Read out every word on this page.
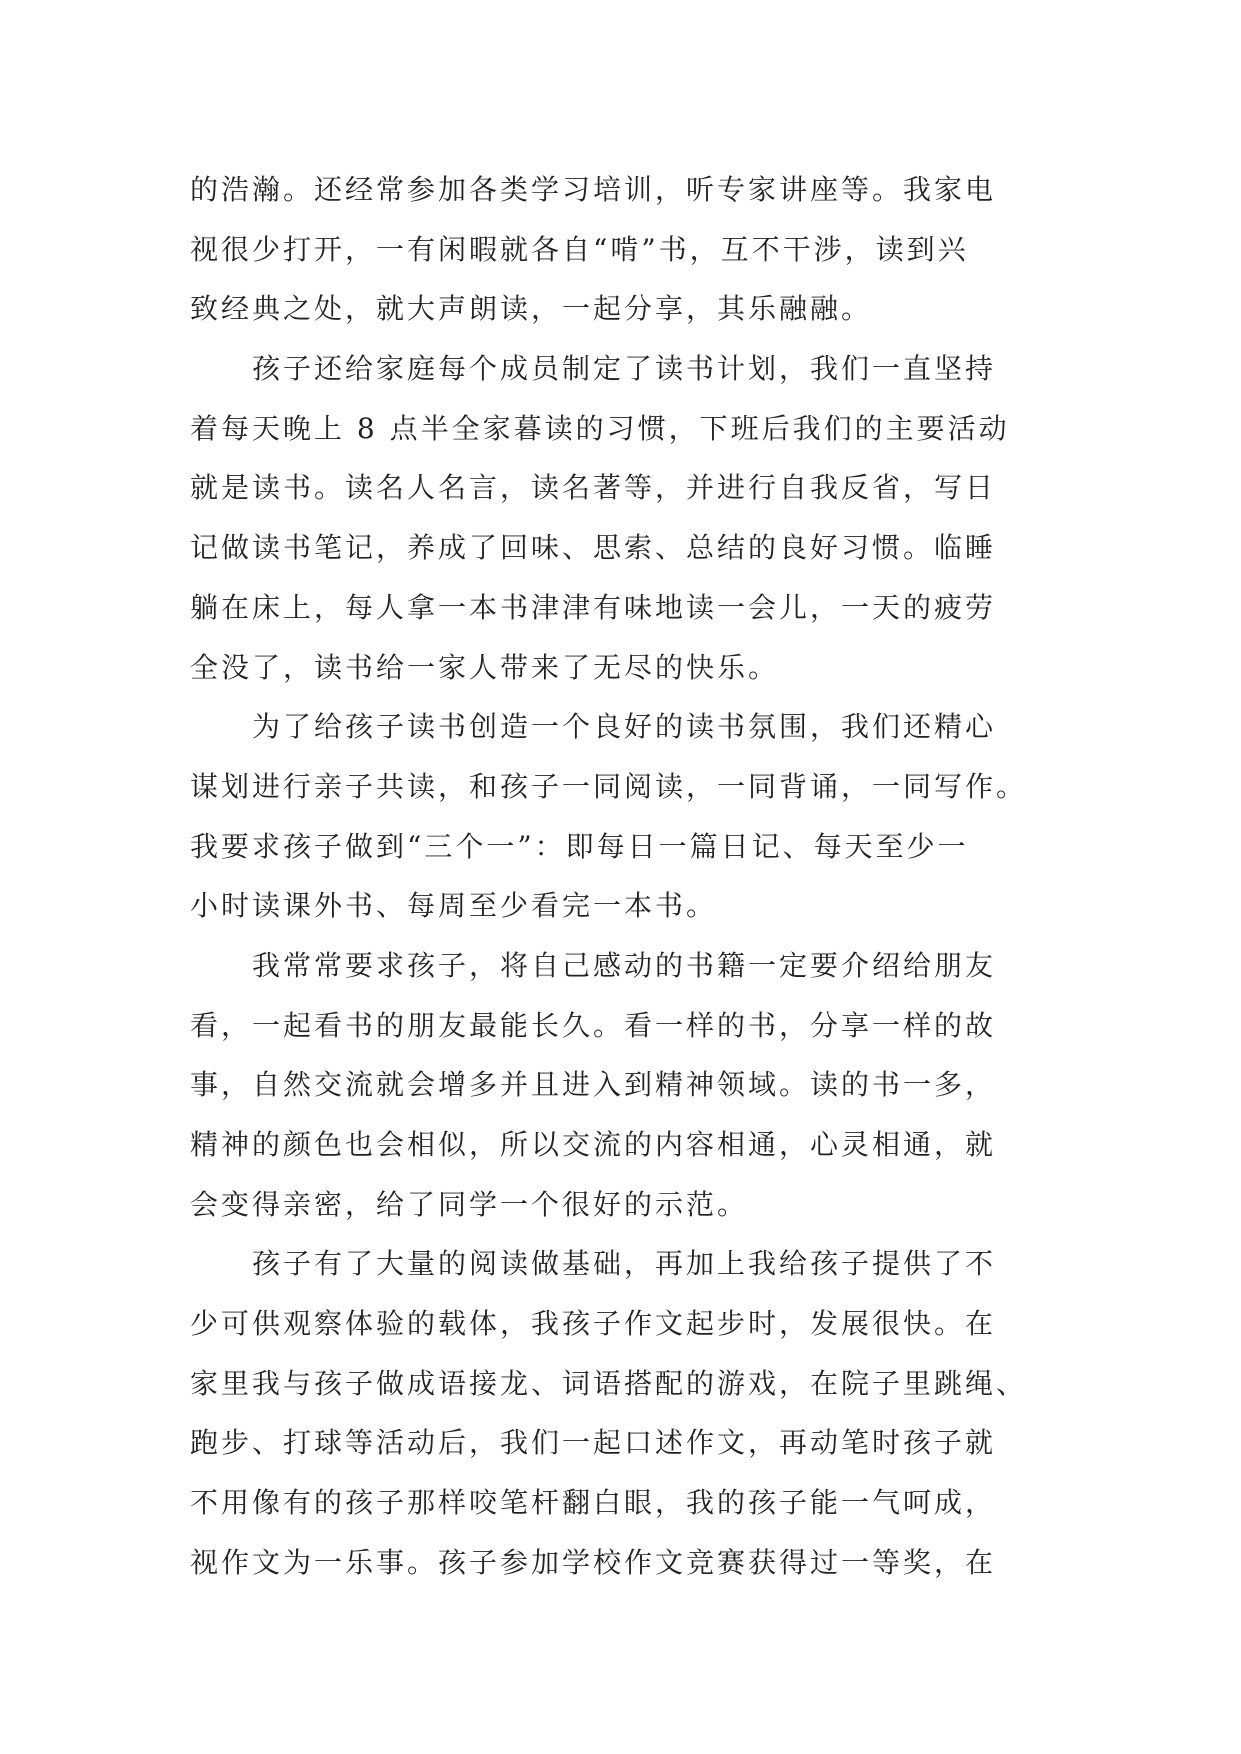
的浩瀚。还经常参加各类学习培训，听专家讲座等。我家电
视很少打开，一有闲暇就各自“啃”书，互不干涉，读到兴
致经典之处，就大声朗读，一起分享，其乐融融。
　　孩子还给家庭每个成员制定了读书计划，我们一直坚持
着每天晚上 8 点半全家暮读的习惯，下班后我们的主要活动
就是读书。读名人名言，读名著等，并进行自我反省，写日
记做读书笔记，养成了回味、思索、总结的良好习惯。临睡
躺在床上，每人拿一本书津津有味地读一会儿，一天的疲劳
全没了，读书给一家人带来了无尽的快乐。
　　为了给孩子读书创造一个良好的读书氛围，我们还精心
谋划进行亲子共读，和孩子一同阅读，一同背诵，一同写作。
我要求孩子做到“三个一”：即每日一篇日记、每天至少一
小时读课外书、每周至少看完一本书。
　　我常常要求孩子，将自己感动的书籍一定要介绍给朋友
看，一起看书的朋友最能长久。看一样的书，分享一样的故
事，自然交流就会增多并且进入到精神领域。读的书一多，
精神的颜色也会相似，所以交流的内容相通，心灵相通，就
会变得亲密，给了同学一个很好的示范。
　　孩子有了大量的阅读做基础，再加上我给孩子提供了不
少可供观察体验的载体，我孩子作文起步时，发展很快。在
家里我与孩子做成语接龙、词语搭配的游戏，在院子里跳绳、
跑步、打球等活动后，我们一起口述作文，再动笔时孩子就
不用像有的孩子那样咬笔杆翻白眼，我的孩子能一气呵成，
视作文为一乐事。孩子参加学校作文竞赛获得过一等奖，在
